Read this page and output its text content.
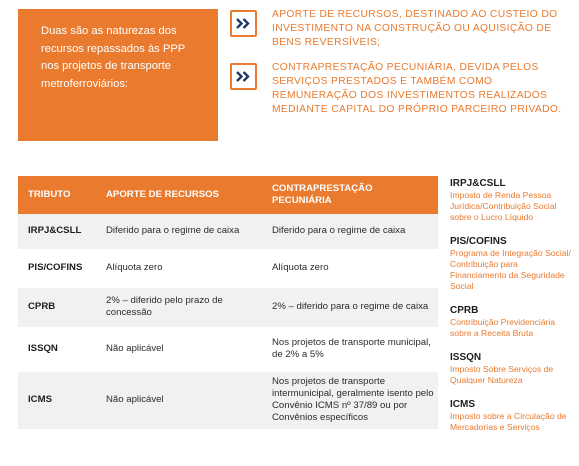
Duas são as naturezas dos recursos repassados às PPP nos projetos de transporte metroferroviários:
APORTE DE RECURSOS, DESTINADO AO CUSTEIO DO INVESTIMENTO NA CONSTRUÇÃO OU AQUISIÇÃO DE BENS REVERSÍVEIS;
CONTRAPRESTAÇÃO PECUNIÁRIA, DEVIDA PELOS SERVIÇOS PRESTADOS E TAMBÉM COMO REMUNERAÇÃO DOS INVESTIMENTOS REALIZADOS MEDIANTE CAPITAL DO PRÓPRIO PARCEIRO PRIVADO.
TRIBUTO	APORTE DE RECURSOS	CONTRAPRESTAÇÃO PECUNIÁRIA
IRPJ&CSLL	Diferido para o regime de caixa	Diferido para o regime de caixa
PIS/COFINS	Alíquota zero	Alíquota zero
CPRB	2% – diferido pelo prazo de concessão	2% – diferido para o regime de caixa
ISSQN	Não aplicável	Nos projetos de transporte municipal, de 2% a 5%
ICMS	Não aplicável	Nos projetos de transporte intermunicipal, geralmente isento pelo Convênio ICMS nº 37/89 ou por Convênios específicos
IRPJ&CSLL
Imposto de Renda Pessoa Jurídica/Contribuição Social sobre o Lucro Líquido
PIS/COFINS
Programa de Integração Social/ Contribuição para Financiamento da Seguridade Social
CPRB
Contribuição Previdenciária sobre a Receita Bruta
ISSQN
Imposto Sobre Serviços de Qualquer Natureza
ICMS
Imposto sobre a Circulação de Mercadorias e Serviços
